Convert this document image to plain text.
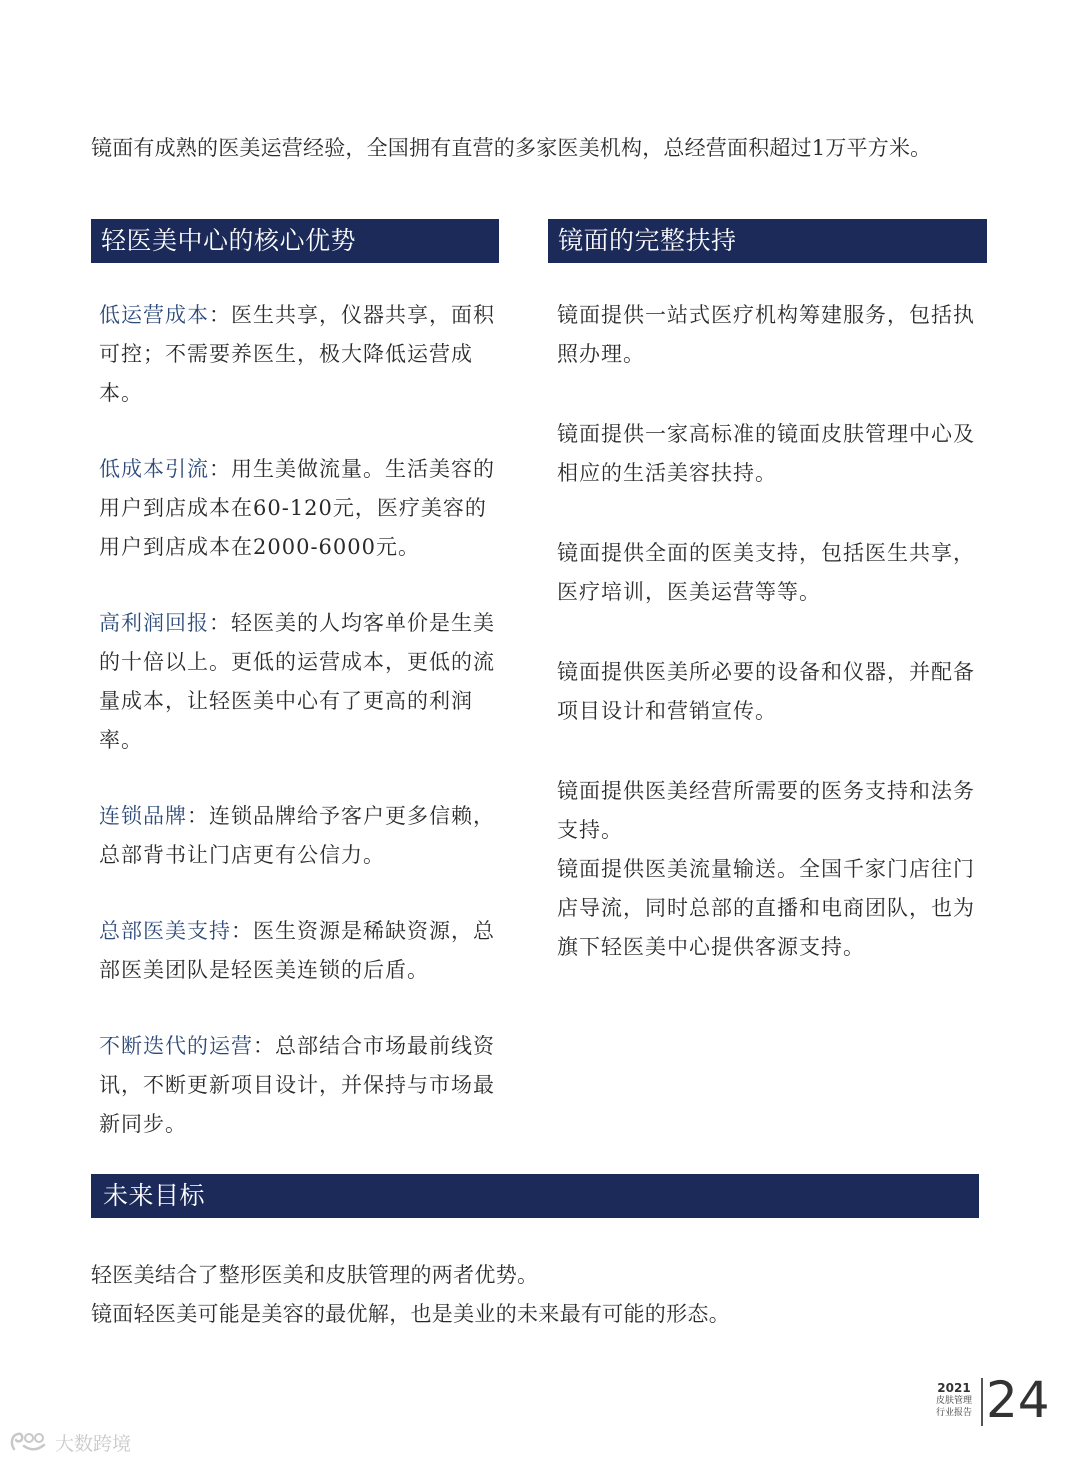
镜面有成熟的医美运营经验，全国拥有直营的多家医美机构，总经营面积超过1万平方米。
轻医美中心的核心优势	镜面的完整扶持

低运营成本：医生共享，仪器共享，面积可控；不需要养医生，极大降低运营成本。

低成本引流：用生美做流量。生活美容的用户到店成本在60-120元，医疗美容的用户到店成本在2000-6000元。

高利润回报：轻医美的人均客单价是生美的十倍以上。更低的运营成本，更低的流量成本，让轻医美中心有了更高的利润率。

连锁品牌：连锁品牌给予客户更多信赖，总部背书让门店更有公信力。

总部医美支持：医生资源是稀缺资源，总部医美团队是轻医美连锁的后盾。

不断迭代的运营：总部结合市场最前线资讯，不断更新项目设计，并保持与市场最新同步。

镜面提供一站式医疗机构筹建服务，包括执照办理。

镜面提供一家高标准的镜面皮肤管理中心及相应的生活美容扶持。

镜面提供全面的医美支持，包括医生共享，医疗培训，医美运营等等。

镜面提供医美所必要的设备和仪器，并配备项目设计和营销宣传。

镜面提供医美经营所需要的医务支持和法务支持。

镜面提供医美流量输送。全国千家门店往门店导流，同时总部的直播和电商团队，也为旗下轻医美中心提供客源支持。

未来目标

轻医美结合了整形医美和皮肤管理的两者优势。

镜面轻医美可能是美容的最优解，也是美业的未来最有可能的形态。

2021
皮肤管理
行业报告 24
大数跨境
